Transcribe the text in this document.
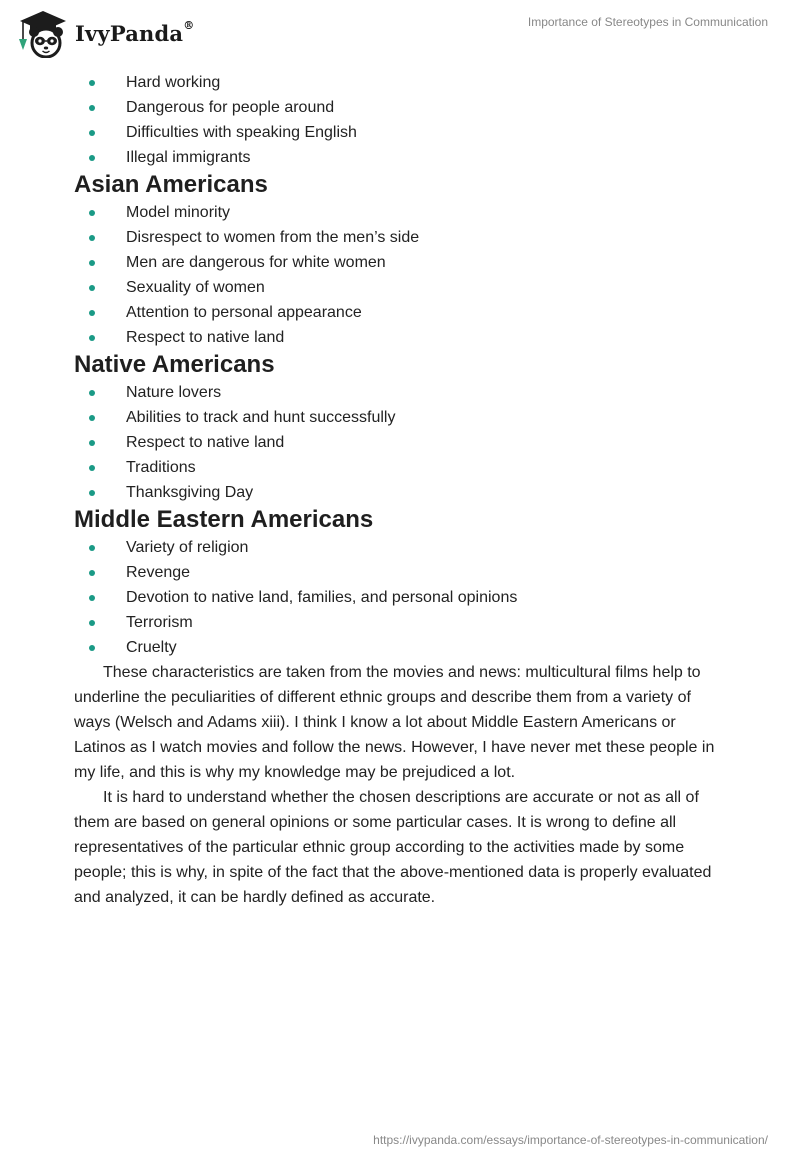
IvyPanda®	Importance of Stereotypes in Communication
Hard working
Dangerous for people around
Difficulties with speaking English
Illegal immigrants
Asian Americans
Model minority
Disrespect to women from the men’s side
Men are dangerous for white women
Sexuality of women
Attention to personal appearance
Respect to native land
Native Americans
Nature lovers
Abilities to track and hunt successfully
Respect to native land
Traditions
Thanksgiving Day
Middle Eastern Americans
Variety of religion
Revenge
Devotion to native land, families, and personal opinions
Terrorism
Cruelty

These characteristics are taken from the movies and news: multicultural films help to underline the peculiarities of different ethnic groups and describe them from a variety of ways (Welsch and Adams xiii). I think I know a lot about Middle Eastern Americans or Latinos as I watch movies and follow the news. However, I have never met these people in my life, and this is why my knowledge may be prejudiced a lot.

It is hard to understand whether the chosen descriptions are accurate or not as all of them are based on general opinions or some particular cases. It is wrong to define all representatives of the particular ethnic group according to the activities made by some people; this is why, in spite of the fact that the above-mentioned data is properly evaluated and analyzed, it can be hardly defined as accurate.

https://ivypanda.com/essays/importance-of-stereotypes-in-communication/
